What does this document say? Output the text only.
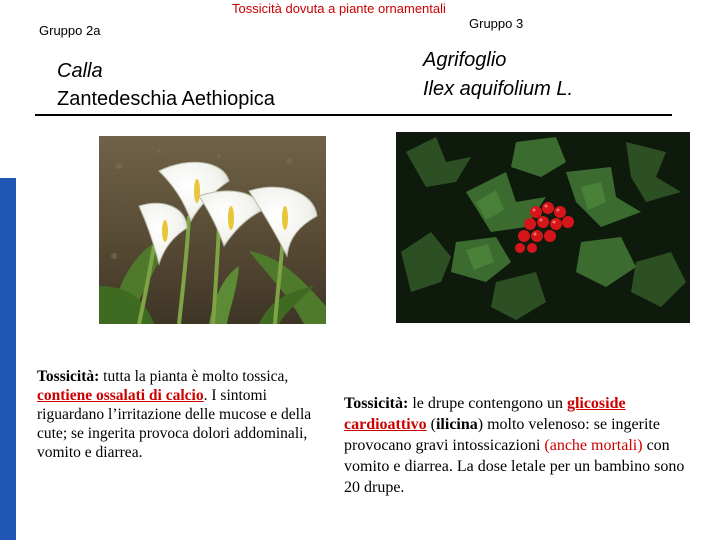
Tossicità dovuta a piante ornamentali
Gruppo 2a	Gruppo 3
Calla
Zantedeschia Aethiopica
Agrifoglio
Ilex aquifolium L.
Tossicità: tutta la pianta è molto tossica, contiene ossalati di calcio. I sintomi riguardano l’irritazione delle mucose e della cute; se ingerita provoca dolori addominali, vomito e diarrea.
Tossicità: le drupe contengono un glicoside cardioattivo (ilicina) molto velenoso: se ingerite provocano gravi intossicazioni (anche mortali) con vomito e diarrea. La dose letale per un bambino sono 20 drupe.
